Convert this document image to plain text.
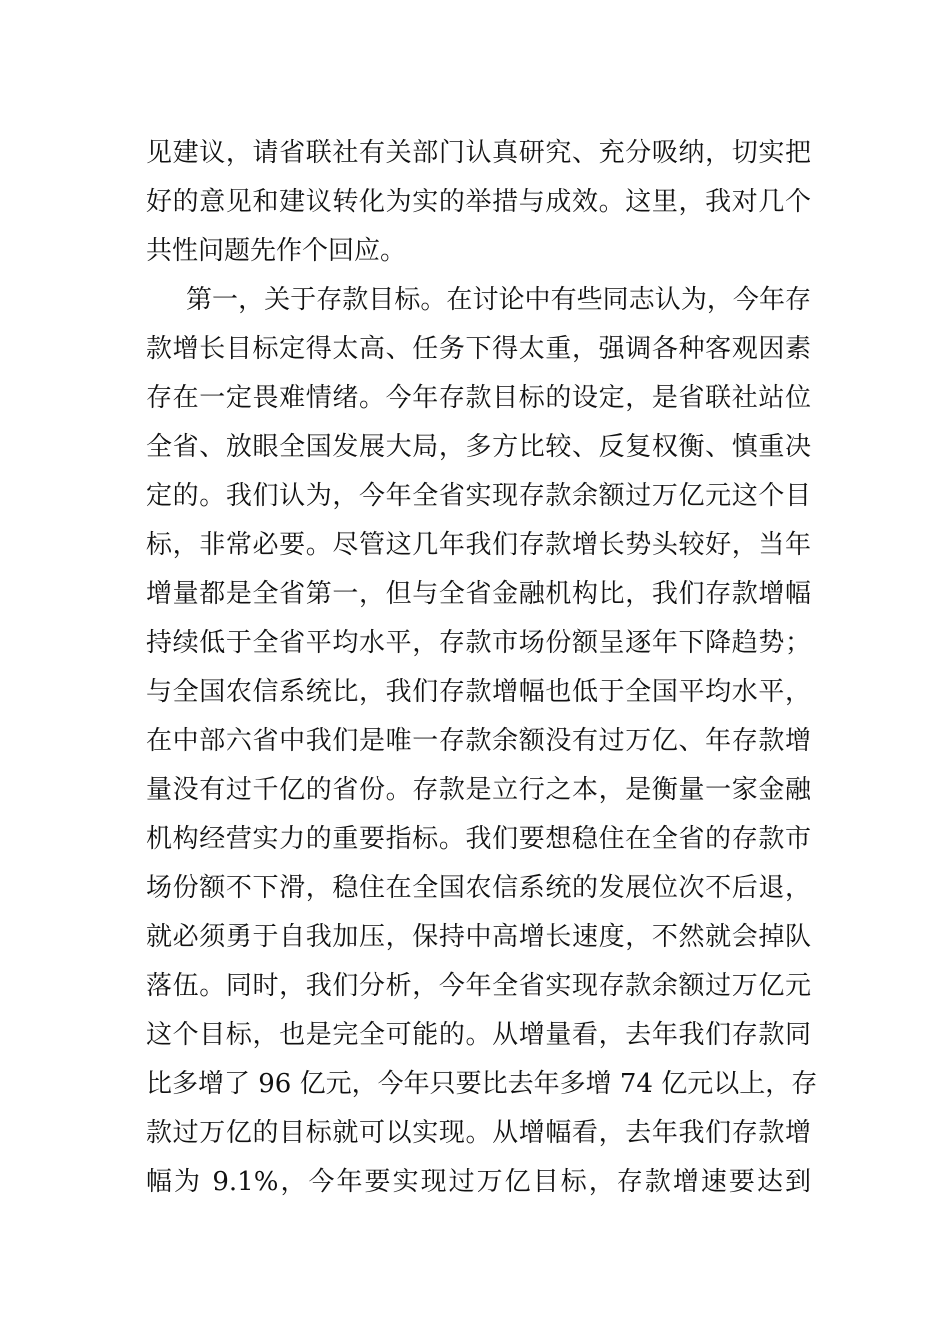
见建议，请省联社有关部门认真研究、充分吸纳，切实把
好的意见和建议转化为实的举措与成效。这里，我对几个
共性问题先作个回应。
第一，关于存款目标。在讨论中有些同志认为，今年存
款增长目标定得太高、任务下得太重，强调各种客观因素
存在一定畏难情绪。今年存款目标的设定，是省联社站位
全省、放眼全国发展大局，多方比较、反复权衡、慎重决
定的。我们认为，今年全省实现存款余额过万亿元这个目
标，非常必要。尽管这几年我们存款增长势头较好，当年
增量都是全省第一，但与全省金融机构比，我们存款增幅
持续低于全省平均水平，存款市场份额呈逐年下降趋势；
与全国农信系统比，我们存款增幅也低于全国平均水平，
在中部六省中我们是唯一存款余额没有过万亿、年存款增
量没有过千亿的省份。存款是立行之本，是衡量一家金融
机构经营实力的重要指标。我们要想稳住在全省的存款市
场份额不下滑，稳住在全国农信系统的发展位次不后退，
就必须勇于自我加压，保持中高增长速度，不然就会掉队
落伍。同时，我们分析，今年全省实现存款余额过万亿元
这个目标，也是完全可能的。从增量看，去年我们存款同
比多增了 96 亿元，今年只要比去年多增 74 亿元以上，存
款过万亿的目标就可以实现。从增幅看，去年我们存款增
幅为 9.1%，今年要实现过万亿目标，存款增速要达到
